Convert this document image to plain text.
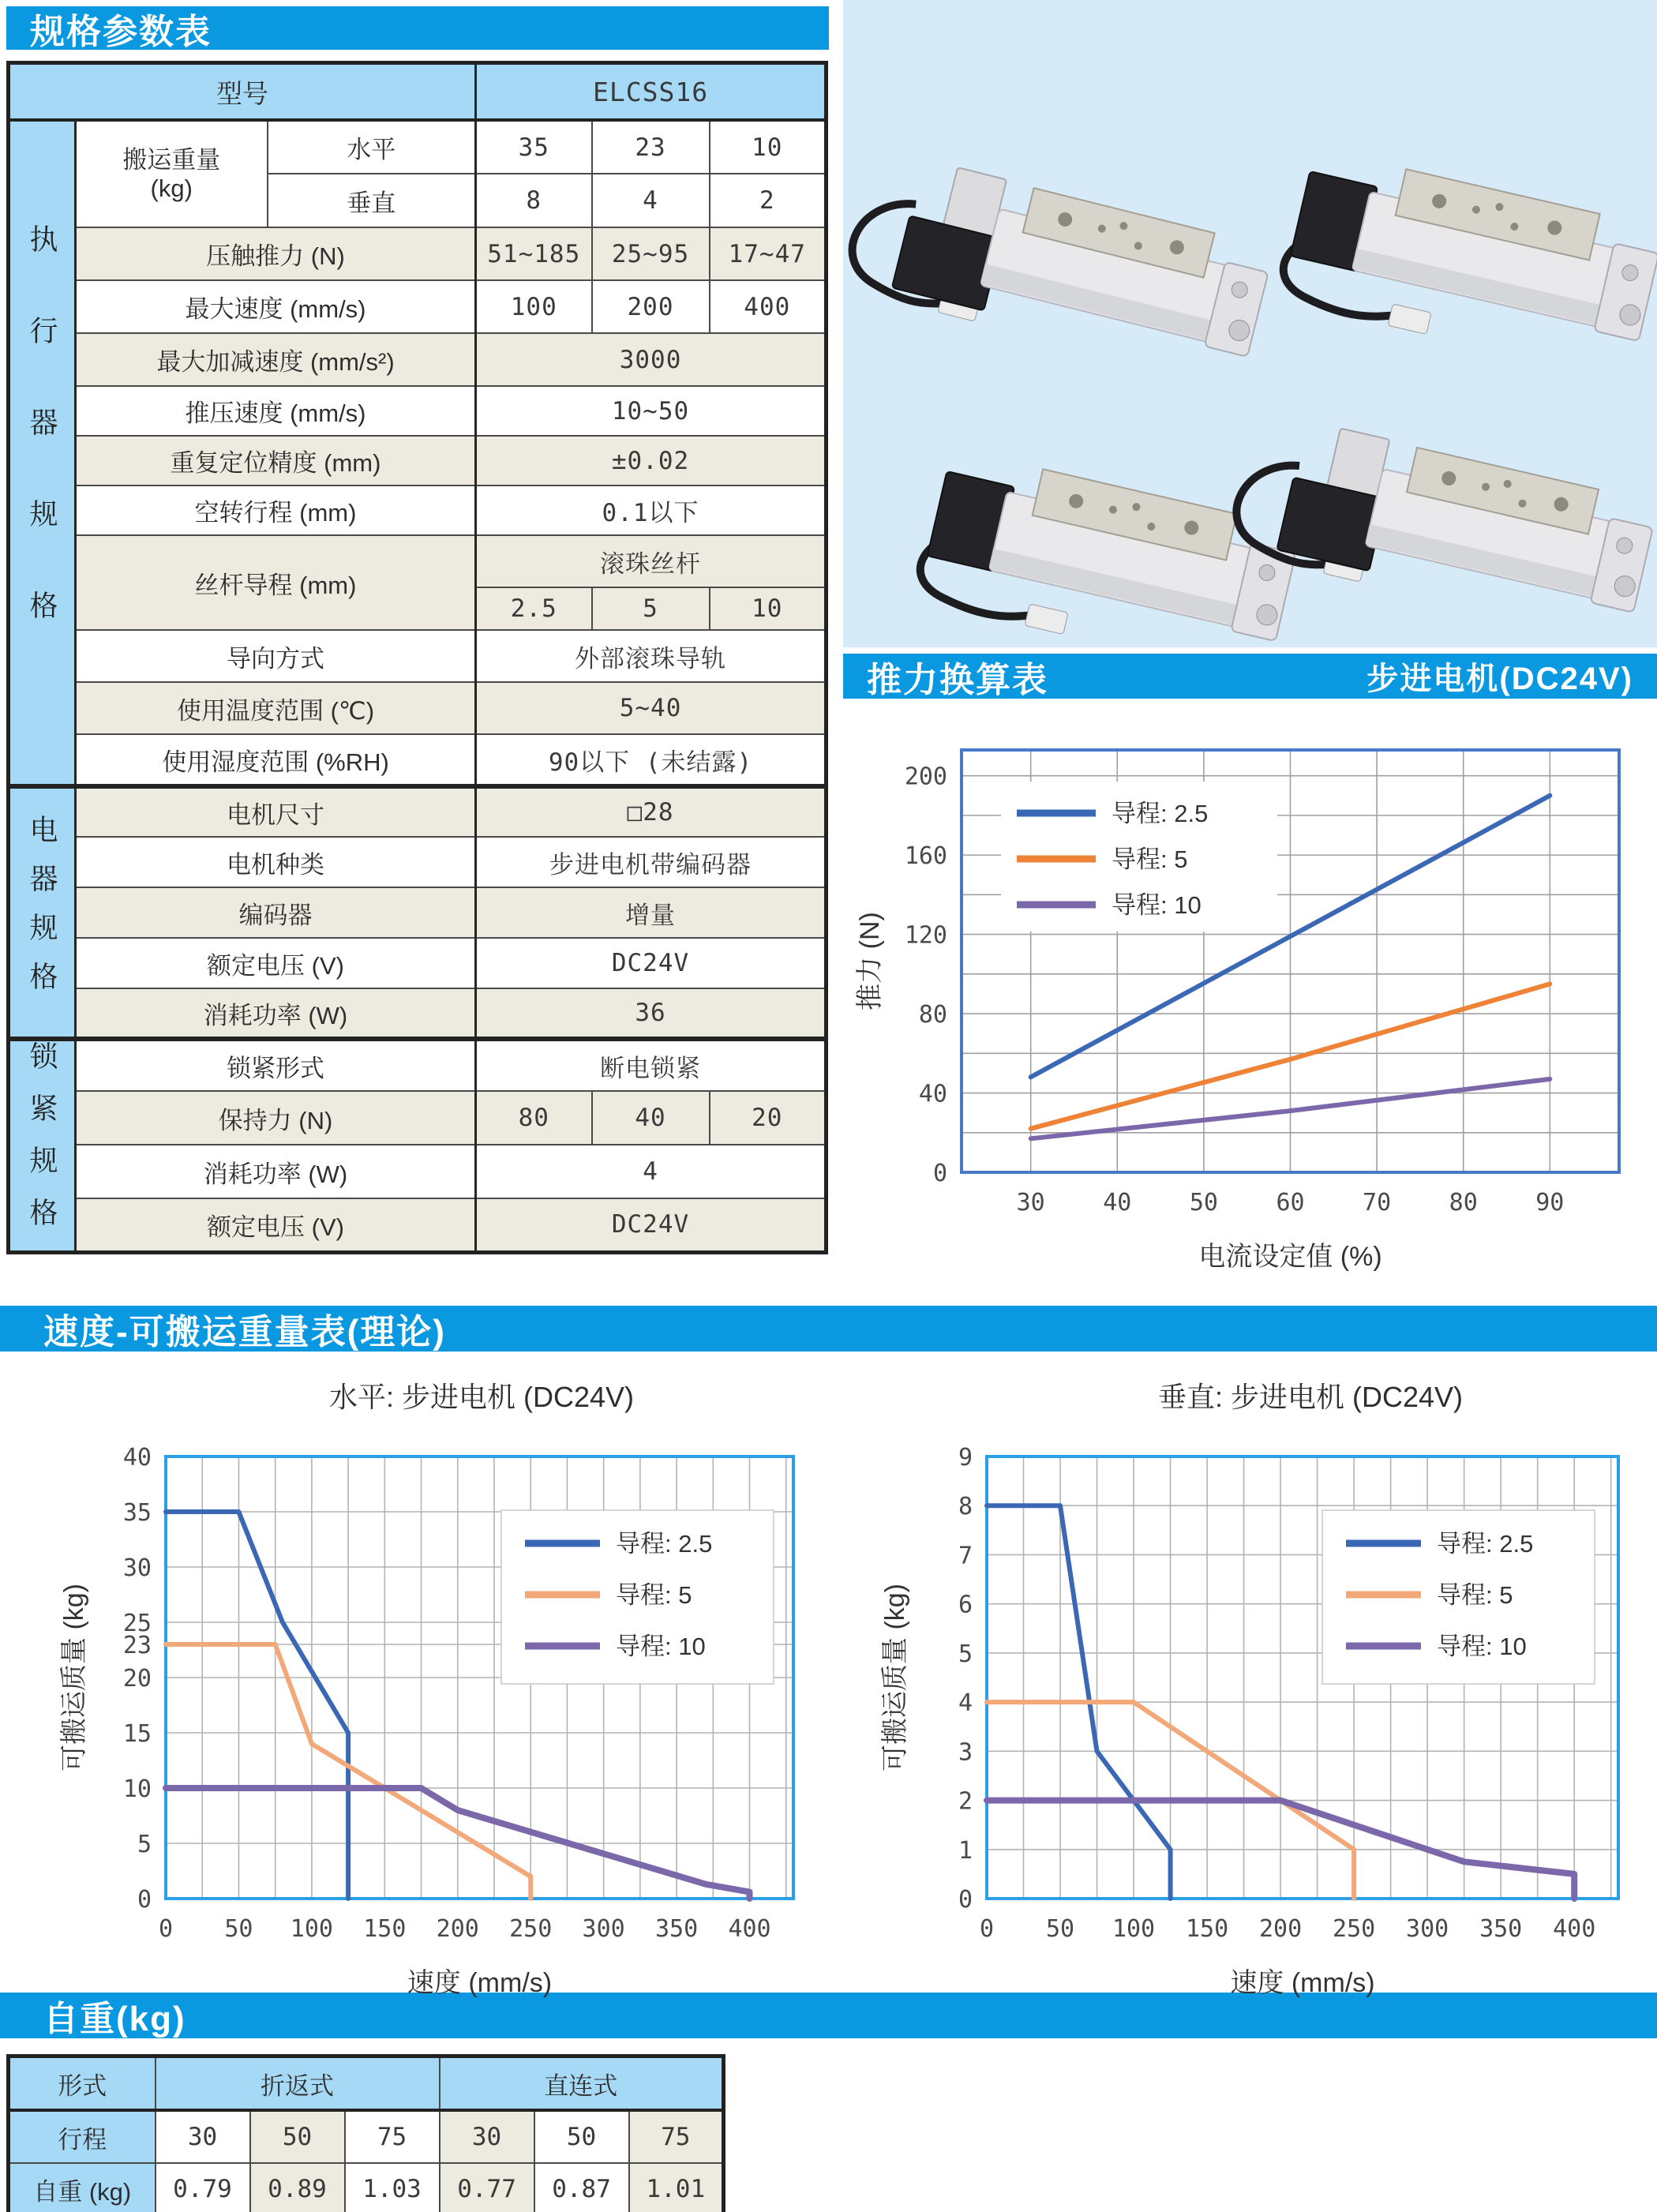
规格参数表
推力换算表	步进电机(DC24V)
速度-可搬运重量表(理论)
自重(kg)
型号			ELCSS16		
执行器规格	搬运重量
(kg)	水平	35	23	10
		垂直	8	4	2
	压触推力 (N)		51~185	25~95	17~47
	最大速度 (mm/s)		100	200	400
	最大加减速度 (mm/s²)		3000		
	推压速度 (mm/s)		10~50		
	重复定位精度 (mm)		±0.02		
	空转行程 (mm)		0.1以下		
	丝杆导程 (mm)		滚珠丝杆		
			2.5	5	10
	导向方式		外部滚珠导轨		
	使用温度范围 (℃)		5~40		
	使用湿度范围 (%RH)		90以下 (未结露)		
电器规格	电机尺寸		□28		
	电机种类		步进电机带编码器		
	编码器		增量		
	额定电压 (V)		DC24V		
	消耗功率 (W)		36		
锁紧规格	锁紧形式		断电锁紧		
	保持力 (N)		80	40	20
	消耗功率 (W)		4		
	额定电压 (V)		DC24V		
30 40 50 60 70 80 90
0
40
80
120
160
200
电流设定值 (%)
推力 (N)
导程: 2.5
导程: 5
导程: 10
水平: 步进电机 (DC24V)
0 50 100 150 200 250 300 350 400
0
5
10
15
20
23
25
30
35
40
速度 (mm/s)
可搬运质量 (kg)
导程: 2.5
导程: 5
导程: 10
垂直: 步进电机 (DC24V)
0 50 100 150 200 250 300 350 400
0
1
2
3
4
5
6
7
8
9
速度 (mm/s)
可搬运质量 (kg)
导程: 2.5
导程: 5
导程: 10
形式	折返式			直连式		
行程	30	50	75	30	50	75
自重 (kg)	0.79	0.89	1.03	0.77	0.87	1.01
